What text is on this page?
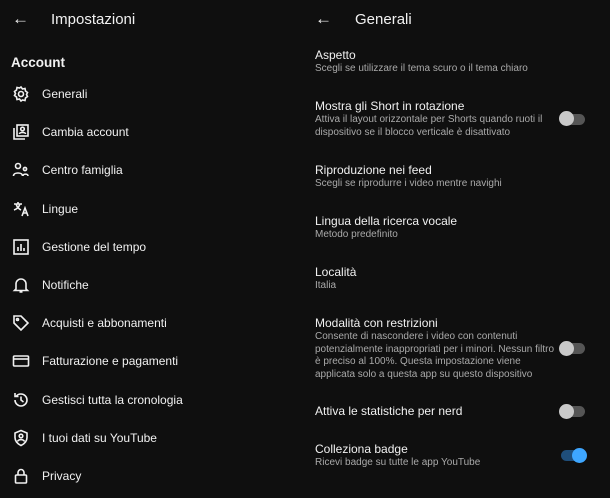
← Impostazioni
Account
Generali
Cambia account
Centro famiglia
Lingue
Gestione del tempo
Notifiche
Acquisti e abbonamenti
Fatturazione e pagamenti
Gestisci tutta la cronologia
I tuoi dati su YouTube
Privacy
← Generali
Aspetto
Scegli se utilizzare il tema scuro o il tema chiaro
Mostra gli Short in rotazione
Attiva il layout orizzontale per Shorts quando ruoti il dispositivo se il blocco verticale è disattivato
Riproduzione nei feed
Scegli se riprodurre i video mentre navighi
Lingua della ricerca vocale
Metodo predefinito
Località
Italia
Modalità con restrizioni
Consente di nascondere i video con contenuti potenzialmente inappropriati per i minori. Nessun filtro è preciso al 100%. Questa impostazione viene applicata solo a questa app su questo dispositivo
Attiva le statistiche per nerd
Colleziona badge
Ricevi badge su tutte le app YouTube
